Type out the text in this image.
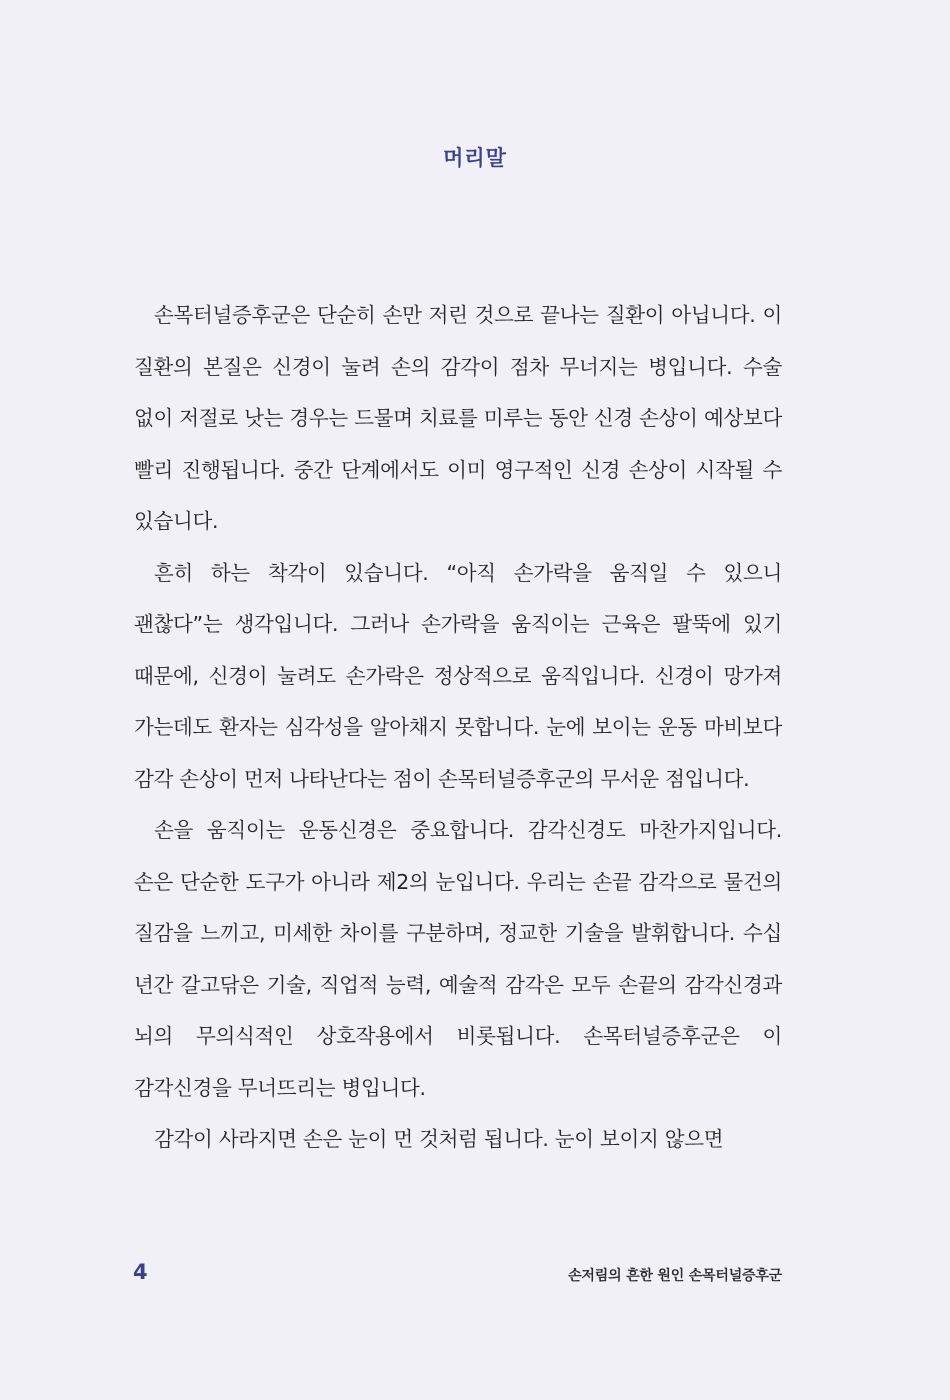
머리말

손목터널증후군은 단순히 손만 저린 것으로 끝나는 질환이 아닙니다. 이 질환의 본질은 신경이 눌려 손의 감각이 점차 무너지는 병입니다. 수술 없이 저절로 낫는 경우는 드물며 치료를 미루는 동안 신경 손상이 예상보다 빨리 진행됩니다. 중간 단계에서도 이미 영구적인 신경 손상이 시작될 수 있습니다.

흔히 하는 착각이 있습니다. “아직 손가락을 움직일 수 있으니 괜찮다”는 생각입니다. 그러나 손가락을 움직이는 근육은 팔뚝에 있기 때문에, 신경이 눌려도 손가락은 정상적으로 움직입니다. 신경이 망가져 가는데도 환자는 심각성을 알아채지 못합니다. 눈에 보이는 운동 마비보다 감각 손상이 먼저 나타난다는 점이 손목터널증후군의 무서운 점입니다.

손을 움직이는 운동신경은 중요합니다. 감각신경도 마찬가지입니다. 손은 단순한 도구가 아니라 제2의 눈입니다. 우리는 손끝 감각으로 물건의 질감을 느끼고, 미세한 차이를 구분하며, 정교한 기술을 발휘합니다. 수십 년간 갈고닦은 기술, 직업적 능력, 예술적 감각은 모두 손끝의 감각신경과 뇌의 무의식적인 상호작용에서 비롯됩니다. 손목터널증후군은 이 감각신경을 무너뜨리는 병입니다.

감각이 사라지면 손은 눈이 먼 것처럼 됩니다. 눈이 보이지 않으면

4	손저림의 흔한 원인 손목터널증후군
